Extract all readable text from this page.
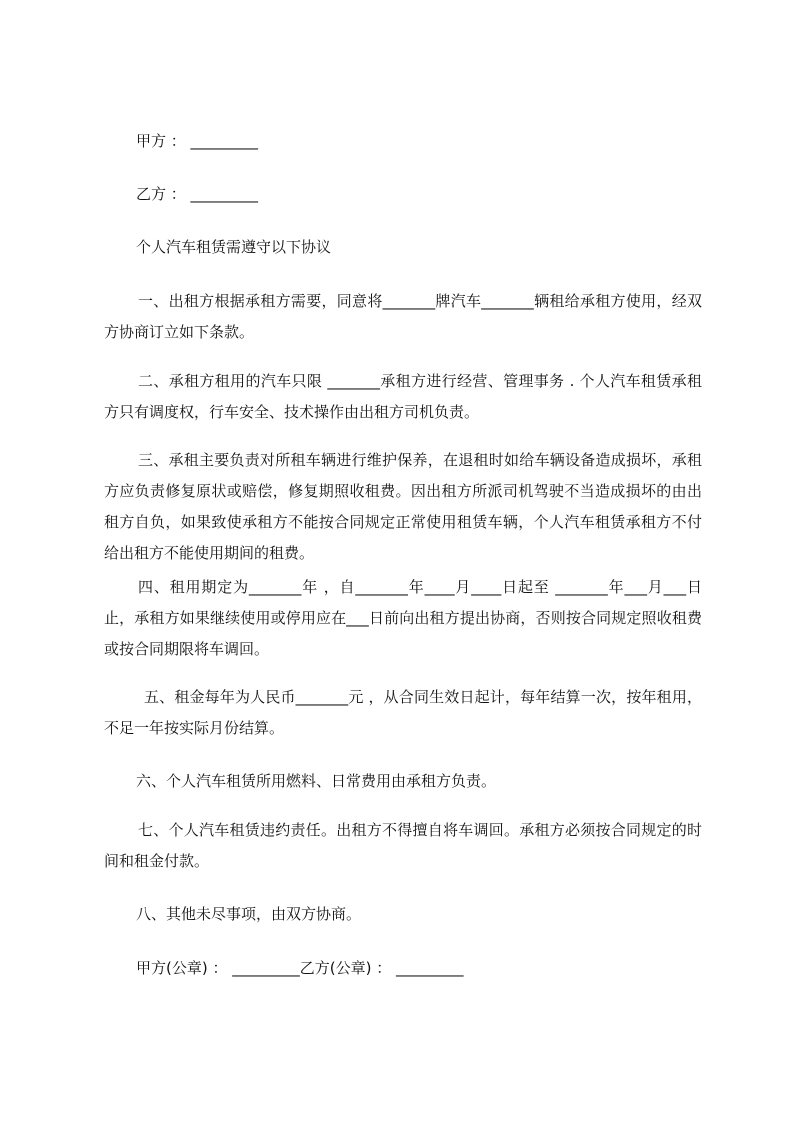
甲方 ： _________

乙方 ： _________

个人汽车租赁需遵守以下协议

一、出租方根据承租方需要，同意将_______牌汽车_______辆租给承租方使用，经双方协商订立如下条款。

二、承租方租用的汽车只限 _______承租方进行经营、管理事务 . 个人汽车租赁承租方只有调度权，行车安全、技术操作由出租方司机负责。

三、承租主要负责对所租车辆进行维护保养，在退租时如给车辆设备造成损坏，承租方应负责修复原状或赔偿，修复期照收租费。因出租方所派司机驾驶不当造成损坏的由出租方自负，如果致使承租方不能按合同规定正常使用租赁车辆，个人汽车租赁承租方不付给出租方不能使用期间的租费。

四、租用期定为_______年 ，自_______年____月____日起至 _______年___月___日止，承租方如果继续使用或停用应在___日前向出租方提出协商，否则按合同规定照收租费或按合同期限将车调回。

五、租金每年为人民币_______元 ，从合同生效日起计，每年结算一次，按年租用，不足一年按实际月份结算。

六、个人汽车租赁所用燃料、日常费用由承租方负责。

七、个人汽车租赁违约责任。出租方不得擅自将车调回。承租方必须按合同规定的时间和租金付款。

八、其他未尽事项，由双方协商。

甲方(公章) ： _________乙方(公章) ： _________
